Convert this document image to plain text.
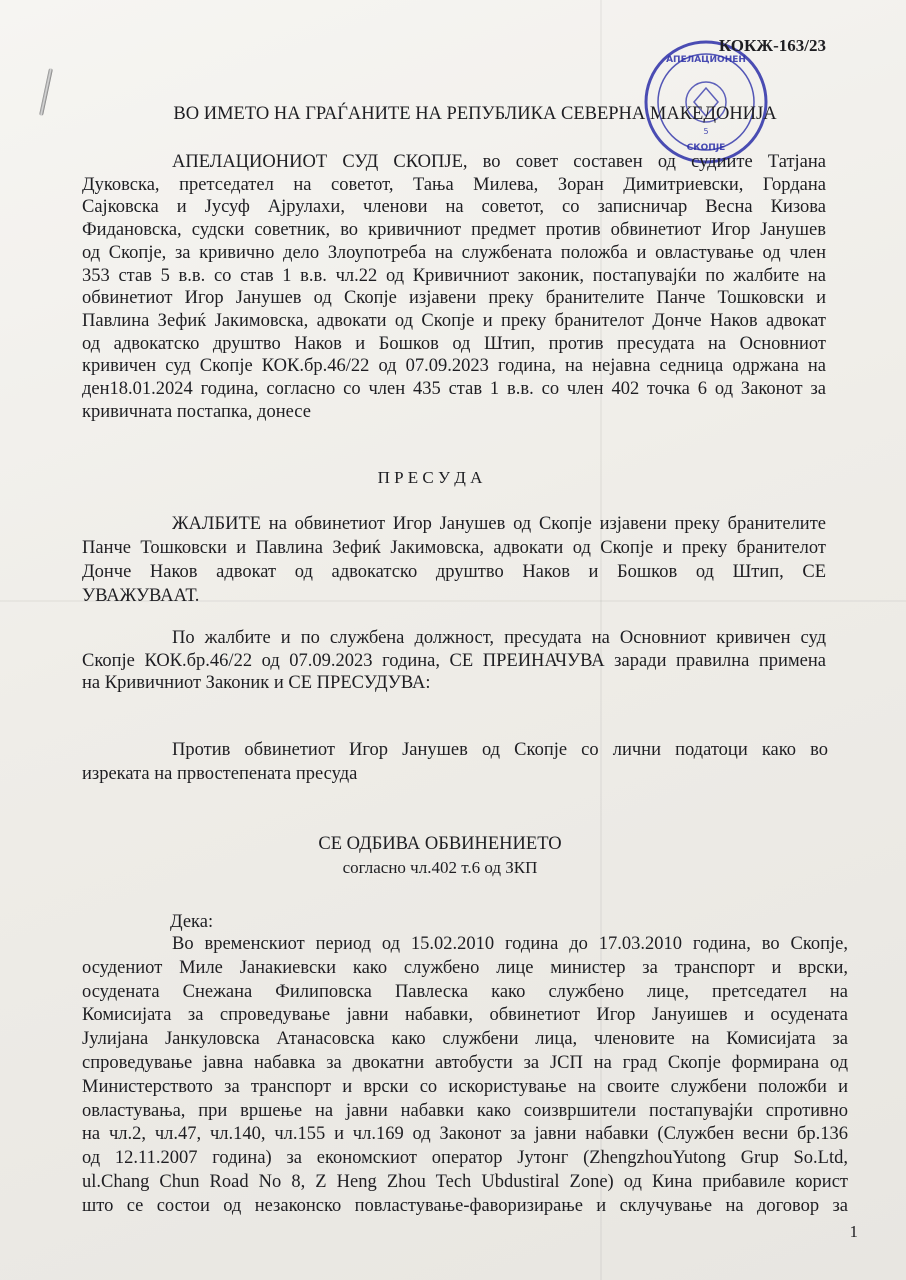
АПЕЛАЦИОНЕН
СКОПЈЕ
5
КОКЖ-163/23
ВО ИМЕТО НА ГРАЃАНИТЕ НА РЕПУБЛИКА СЕВЕРНА МАКЕДОНИЈА
АПЕЛАЦИОНИОТ СУД СКОПЈЕ, во совет составен од судиите Татјана
Дуковска, претседател на советот, Тања Милева, Зоран Димитриевски, Гордана
Сајковска и Јусуф Ајрулахи, членови на советот, со записничар Весна Кизова
Фидановска, судски советник, во кривичниот предмет против обвинетиот Игор Јанушев
од Скопје, за кривично дело Злоупотреба на службената положба и овластување од член
353 став 5 в.в. со став 1 в.в. чл.22 од Кривичниот законик, постапувајќи по жалбите на
обвинетиот Игор Јанушев од Скопје изјавени преку бранителите Панче Тошковски и
Павлина Зефиќ Јакимовска, адвокати од Скопје и преку бранителот Донче Наков адвокат
од адвокатско друштво Наков и Бошков од Штип, против пресудата на Основниот
кривичен суд Скопје КОК.бр.46/22 од 07.09.2023 година, на нејавна седница одржана на
ден18.01.2024 година, согласно со член 435 став 1 в.в. со член 402 точка 6 од Законот за
кривичната постапка, донесе
П Р Е С У Д А
ЖАЛБИТЕ на обвинетиот Игор Јанушев од Скопје изјавени преку бранителите
Панче Тошковски и Павлина Зефиќ Јакимовска, адвокати од Скопје и преку бранителот
Донче Наков адвокат од адвокатско друштво Наков и Бошков од Штип, СЕ
УВАЖУВААТ.
По жалбите и по службена должност, пресудата на Основниот кривичен суд
Скопје КОК.бр.46/22 од 07.09.2023 година, СЕ ПРЕИНАЧУВА заради правилна примена
на Кривичниот Законик и СЕ ПРЕСУДУВА:
Против обвинетиот Игор Јанушев од Скопје со лични податоци како во
изреката на првостепената пресуда
СЕ ОДБИВА ОБВИНЕНИЕТО
согласно чл.402 т.6 од ЗКП
Дека:
Во временскиот период од 15.02.2010 година до 17.03.2010 година, во Скопје,
осудениот Миле Јанакиевски како службено лице министер за транспорт и врски,
осудената Снежана Филиповска Павлеска како службено лице, претседател на
Комисијата за спроведување јавни набавки, обвинетиот Игор Јануишев и осудената
Јулијана Јанкуловска Атанасовска како службени лица, членовите на Комисијата за
спроведување јавна набавка за двокатни автобусти за ЈСП на град Скопје формирана од
Министерството за транспорт и врски со искористување на своите службени положби и
овластувања, при вршење на јавни набавки како соизвршители постапувајќи спротивно
на чл.2, чл.47, чл.140, чл.155 и чл.169 од Законот за јавни набавки (Службен весни бр.136
од 12.11.2007 година) за економскиот оператор Јутонг (ZhengzhouYutong Grup So.Ltd,
ul.Chang Chun Road No 8, Z Heng Zhou Tech Ubdustiral Zone) од Кина прибавиле корист
што се состои од незаконско повластување-фаворизирање и склучување на договор за
1
